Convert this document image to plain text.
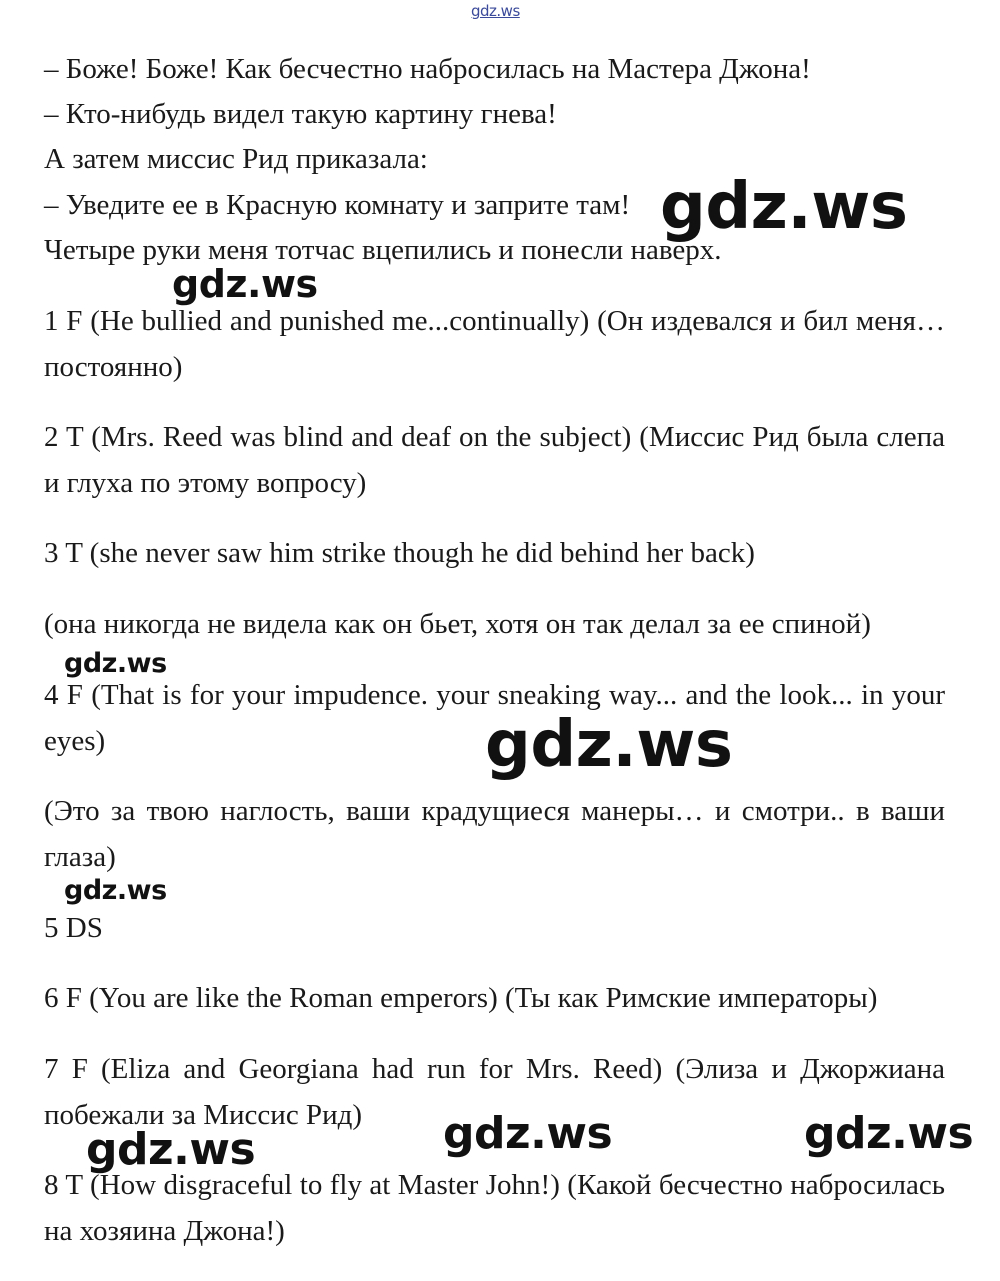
gdz.ws
– Боже! Боже! Как бесчестно набросилась на Мастера Джона!
– Кто-нибудь видел такую картину гнева!
А затем миссис Рид приказала:
– Уведите ее в Красную комнату и заприте там!
Четыре руки меня тотчас вцепились и понесли наверх.

1 F (He bullied and punished me...continually) (Он издевался и бил меня… постоянно)

2 T (Mrs. Reed was blind and deaf on the subject) (Миссис Рид была слепа и глуха по этому вопросу)

3 T (she never saw him strike though he did behind her back)

(она никогда не видела как он бьет, хотя он так делал за ее спиной)

4 F (That is for your impudence. your sneaking way... and the look... in your eyes)

(Это за твою наглость, ваши крадущиеся манеры… и смотри.. в ваши глаза)

5 DS

6 F (You are like the Roman emperors) (Ты как Римские императоры)

7 F (Eliza and Georgiana had run for Mrs. Reed) (Элиза и Джоржиана побежали за Миссис Рид)

8 T (How disgraceful to fly at Master John!) (Какой бесчестно набросилась на хозяина Джона!)

gdz.ws
gdz.ws
gdz.ws
gdz.ws
gdz.ws
gdz.ws	gdz.ws	gdz.ws
